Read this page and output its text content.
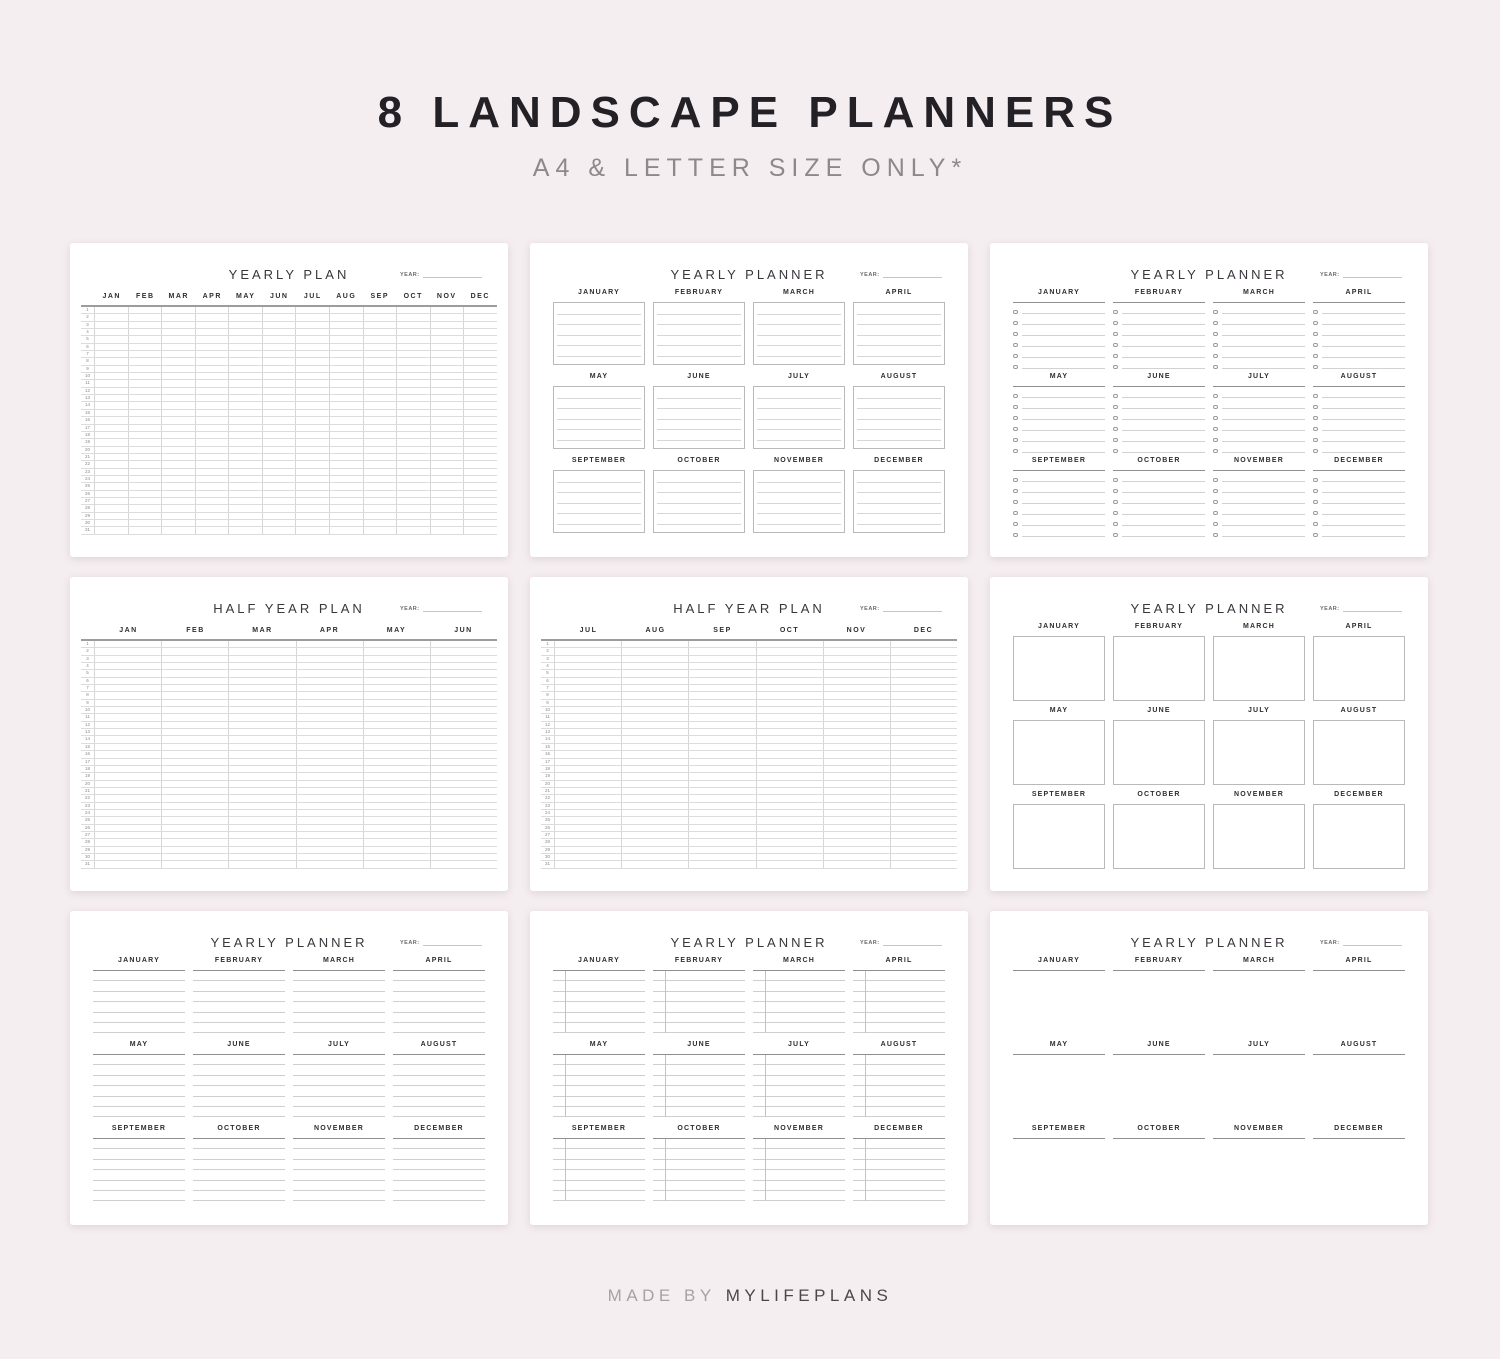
8 LANDSCAPE PLANNERS
A4 & LETTER SIZE ONLY*
YEARLY PLAN	YEAR:
JAN	FEB	MAR	APR	MAY	JUN	JUL	AUG	SEP	OCT	NOV	DEC
1
2
3
4
5
6
7
8
9
10
11
12
13
14
15
16
17
18
19
20
21
22
23
24
25
26
27
28
29
30
31
YEARLY PLANNER	YEAR:
JANUARY	FEBRUARY	MARCH	APRIL
MAY	JUNE	JULY	AUGUST
SEPTEMBER	OCTOBER	NOVEMBER	DECEMBER
YEARLY PLANNER	YEAR:
JANUARY	FEBRUARY	MARCH	APRIL
MAY	JUNE	JULY	AUGUST
SEPTEMBER	OCTOBER	NOVEMBER	DECEMBER
HALF YEAR PLAN	YEAR:
JAN	FEB	MAR	APR	MAY	JUN
1
2
3
4
5
6
7
8
9
10
11
12
13
14
15
16
17
18
19
20
21
22
23
24
25
26
27
28
29
30
31
HALF YEAR PLAN	YEAR:
JUL	AUG	SEP	OCT	NOV	DEC
1
2
3
4
5
6
7
8
9
10
11
12
13
14
15
16
17
18
19
20
21
22
23
24
25
26
27
28
29
30
31
YEARLY PLANNER	YEAR:
JANUARY	FEBRUARY	MARCH	APRIL
MAY	JUNE	JULY	AUGUST
SEPTEMBER	OCTOBER	NOVEMBER	DECEMBER
YEARLY PLANNER	YEAR:
JANUARY	FEBRUARY	MARCH	APRIL
MAY	JUNE	JULY	AUGUST
SEPTEMBER	OCTOBER	NOVEMBER	DECEMBER
YEARLY PLANNER	YEAR:
JANUARY	FEBRUARY	MARCH	APRIL
MAY	JUNE	JULY	AUGUST
SEPTEMBER	OCTOBER	NOVEMBER	DECEMBER
YEARLY PLANNER	YEAR:
JANUARY	FEBRUARY	MARCH	APRIL
MAY	JUNE	JULY	AUGUST
SEPTEMBER	OCTOBER	NOVEMBER	DECEMBER
MADE BY MYLIFEPLANS
